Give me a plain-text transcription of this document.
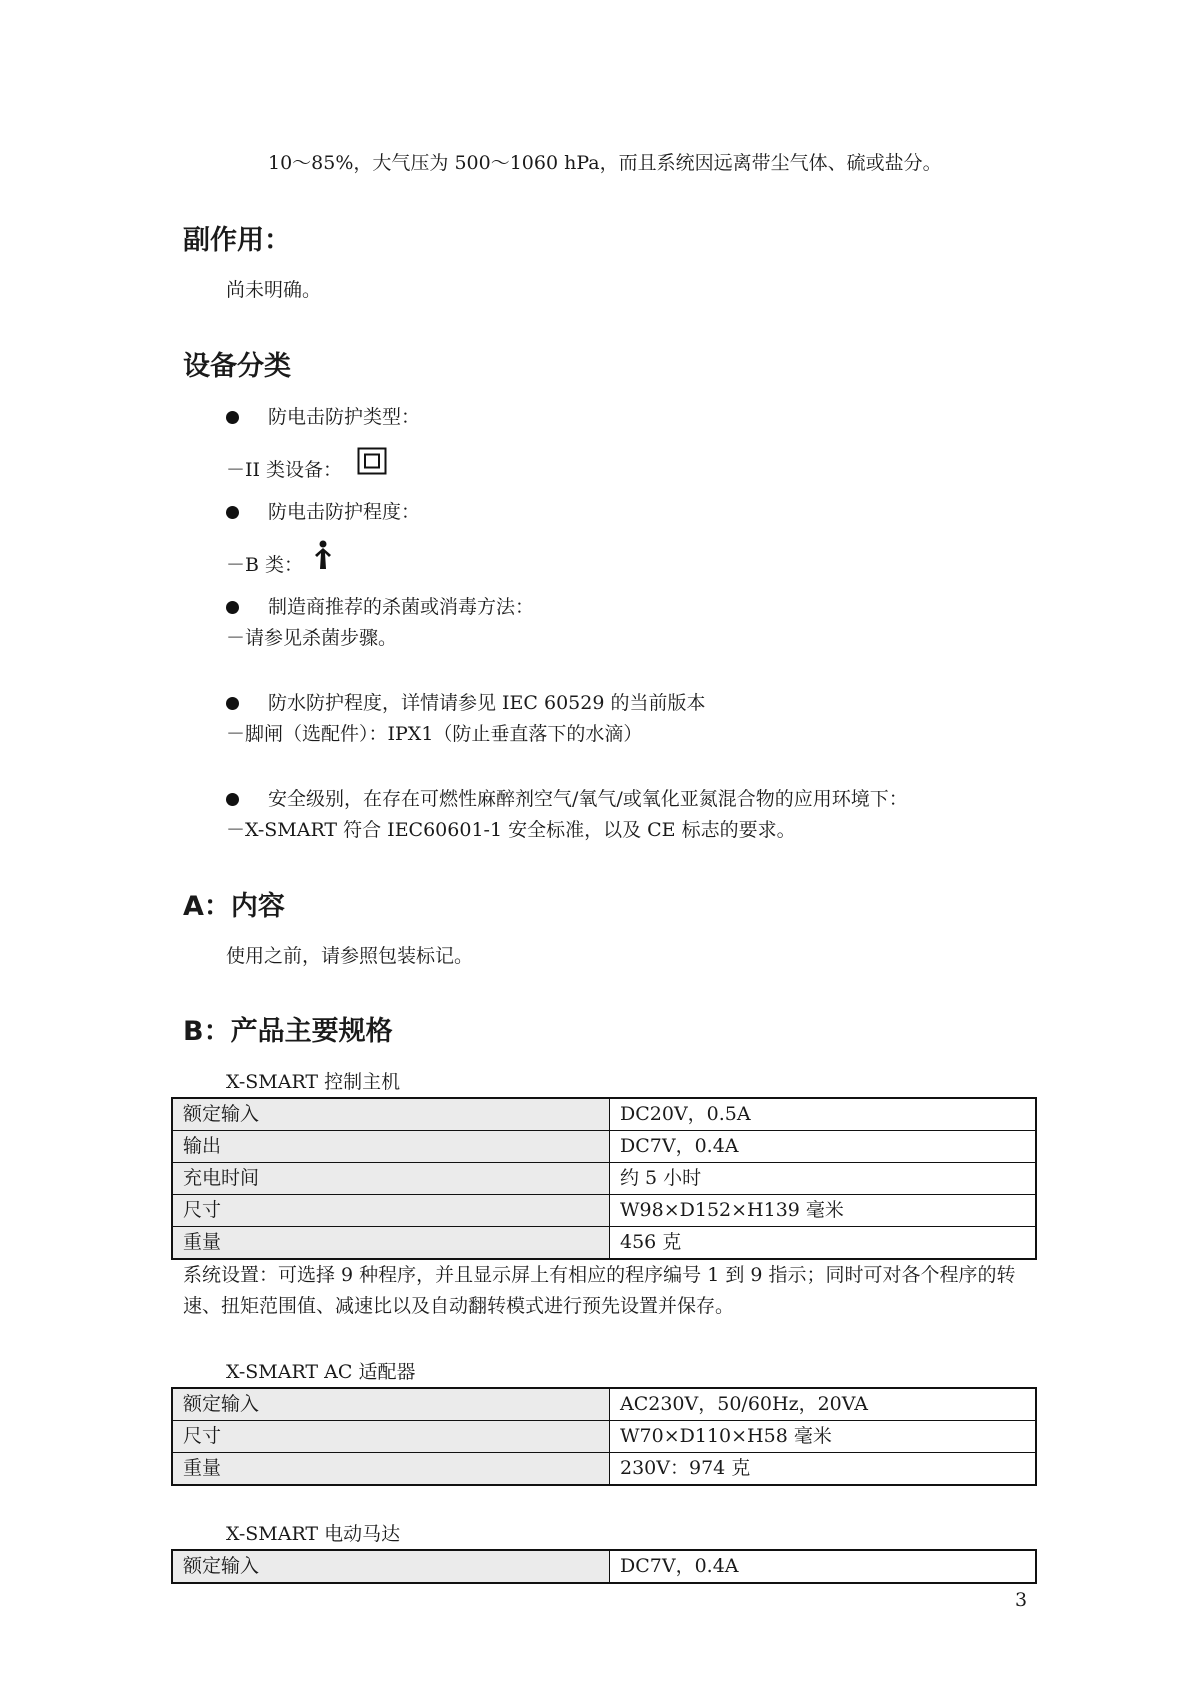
10～85%，大气压为 500～1060 hPa，而且系统因远离带尘气体、硫或盐分。
副作用：
尚未明确。
设备分类
防电击防护类型：
－II 类设备：
防电击防护程度：
－B 类：
制造商推荐的杀菌或消毒方法：
－请参见杀菌步骤。
防水防护程度，详情请参见 IEC 60529 的当前版本
－脚闸（选配件）：IPX1（防止垂直落下的水滴）
安全级别，在存在可燃性麻醉剂空气/氧气/或氧化亚氮混合物的应用环境下：
－X-SMART 符合 IEC60601-1 安全标准，以及 CE 标志的要求。
A：内容
使用之前，请参照包装标记。
B：产品主要规格
X-SMART 控制主机
额定输入	DC20V，0.5A
输出	DC7V，0.4A
充电时间	约 5 小时
尺寸	W98×D152×H139 毫米
重量	456 克
系统设置：可选择 9 种程序，并且显示屏上有相应的程序编号 1 到 9 指示；同时可对各个程序的转速、扭矩范围值、减速比以及自动翻转模式进行预先设置并保存。
X-SMART AC 适配器
额定输入	AC230V，50/60Hz，20VA
尺寸	W70×D110×H58 毫米
重量	230V：974 克
X-SMART 电动马达
额定输入	DC7V，0.4A
3
